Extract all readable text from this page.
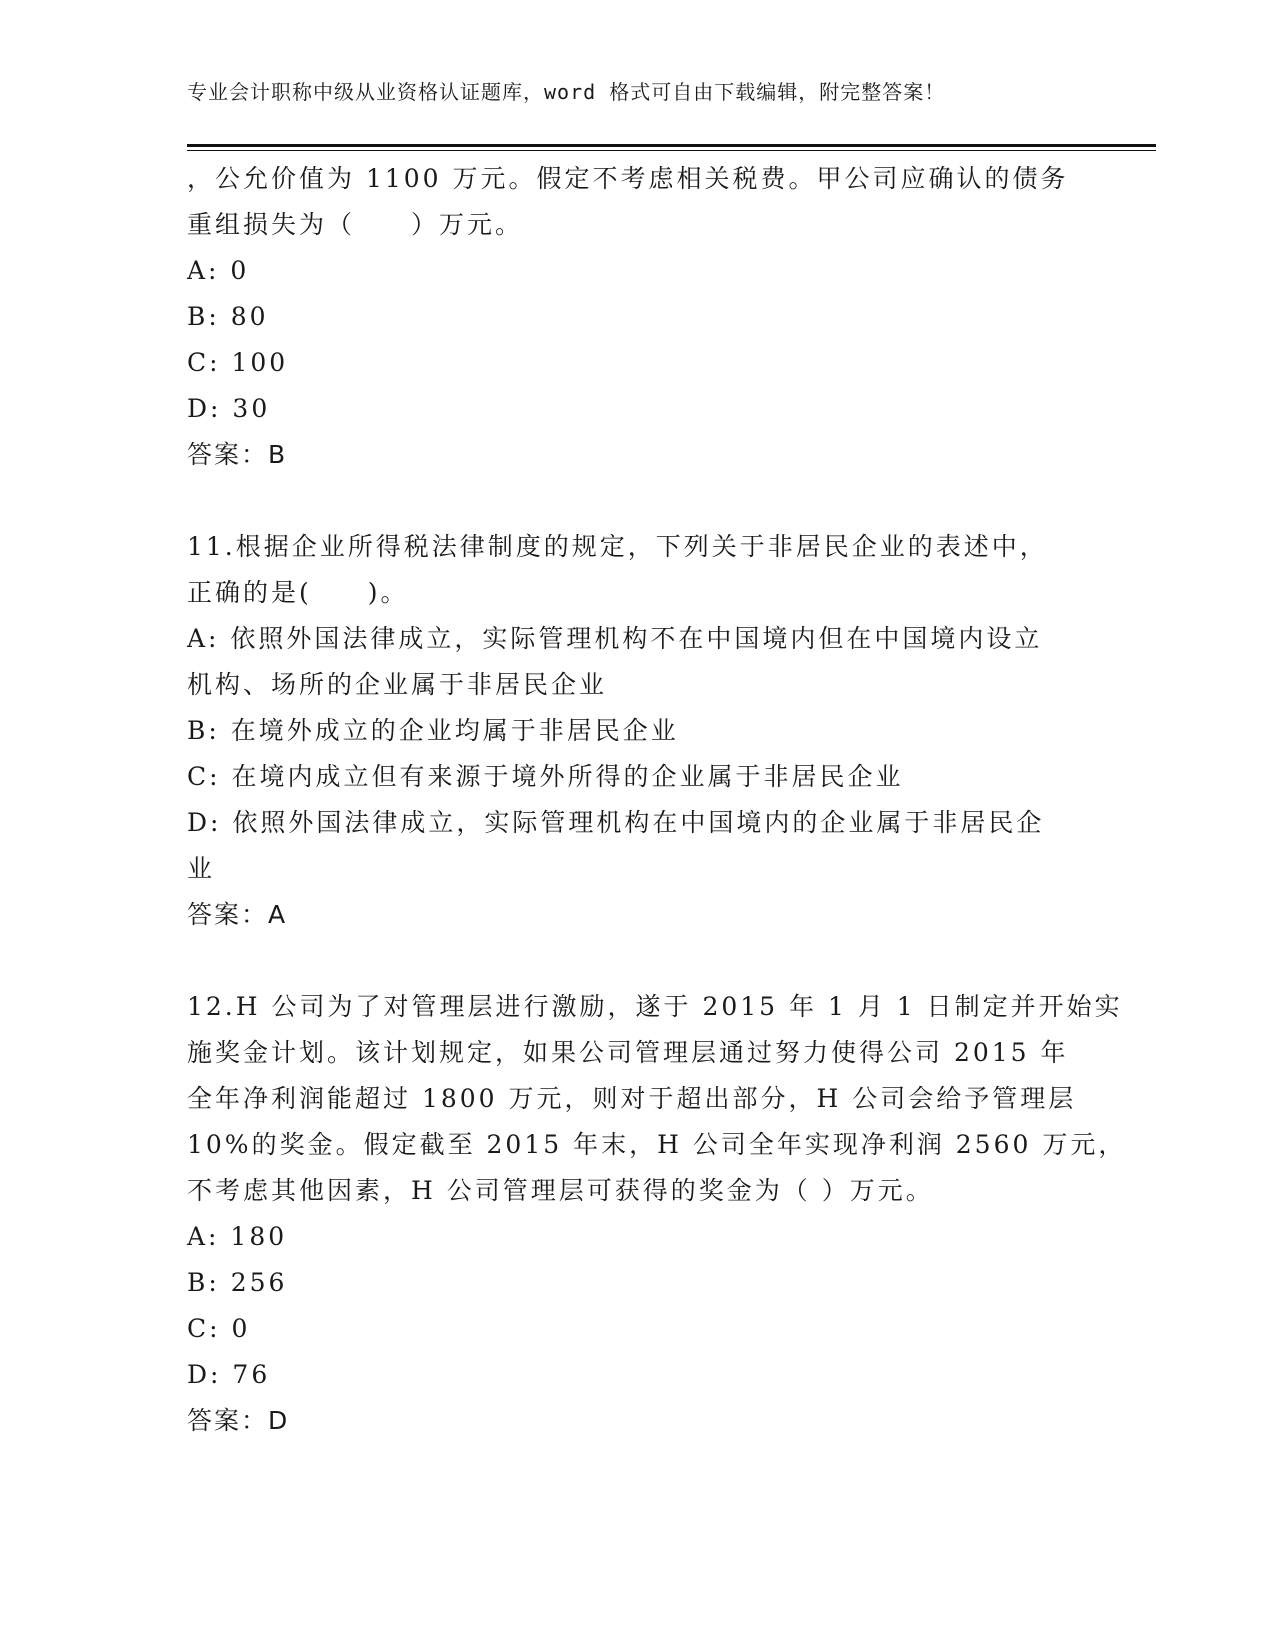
专业会计职称中级从业资格认证题库，word 格式可自由下载编辑，附完整答案！
，公允价值为 1100 万元。假定不考虑相关税费。甲公司应确认的债务
重组损失为（　　）万元。
A: 0
B: 80
C: 100
D: 30
答案：B
11.根据企业所得税法律制度的规定，下列关于非居民企业的表述中，
正确的是(　　)。
A: 依照外国法律成立，实际管理机构不在中国境内但在中国境内设立
机构、场所的企业属于非居民企业
B: 在境外成立的企业均属于非居民企业
C: 在境内成立但有来源于境外所得的企业属于非居民企业
D: 依照外国法律成立，实际管理机构在中国境内的企业属于非居民企
业
答案：A
12.H 公司为了对管理层进行激励，遂于 2015 年 1 月 1 日制定并开始实
施奖金计划。该计划规定，如果公司管理层通过努力使得公司 2015 年
全年净利润能超过 1800 万元，则对于超出部分，H 公司会给予管理层
10%的奖金。假定截至 2015 年末，H 公司全年实现净利润 2560 万元，
不考虑其他因素，H 公司管理层可获得的奖金为（ ）万元。
A: 180
B: 256
C: 0
D: 76
答案：D
